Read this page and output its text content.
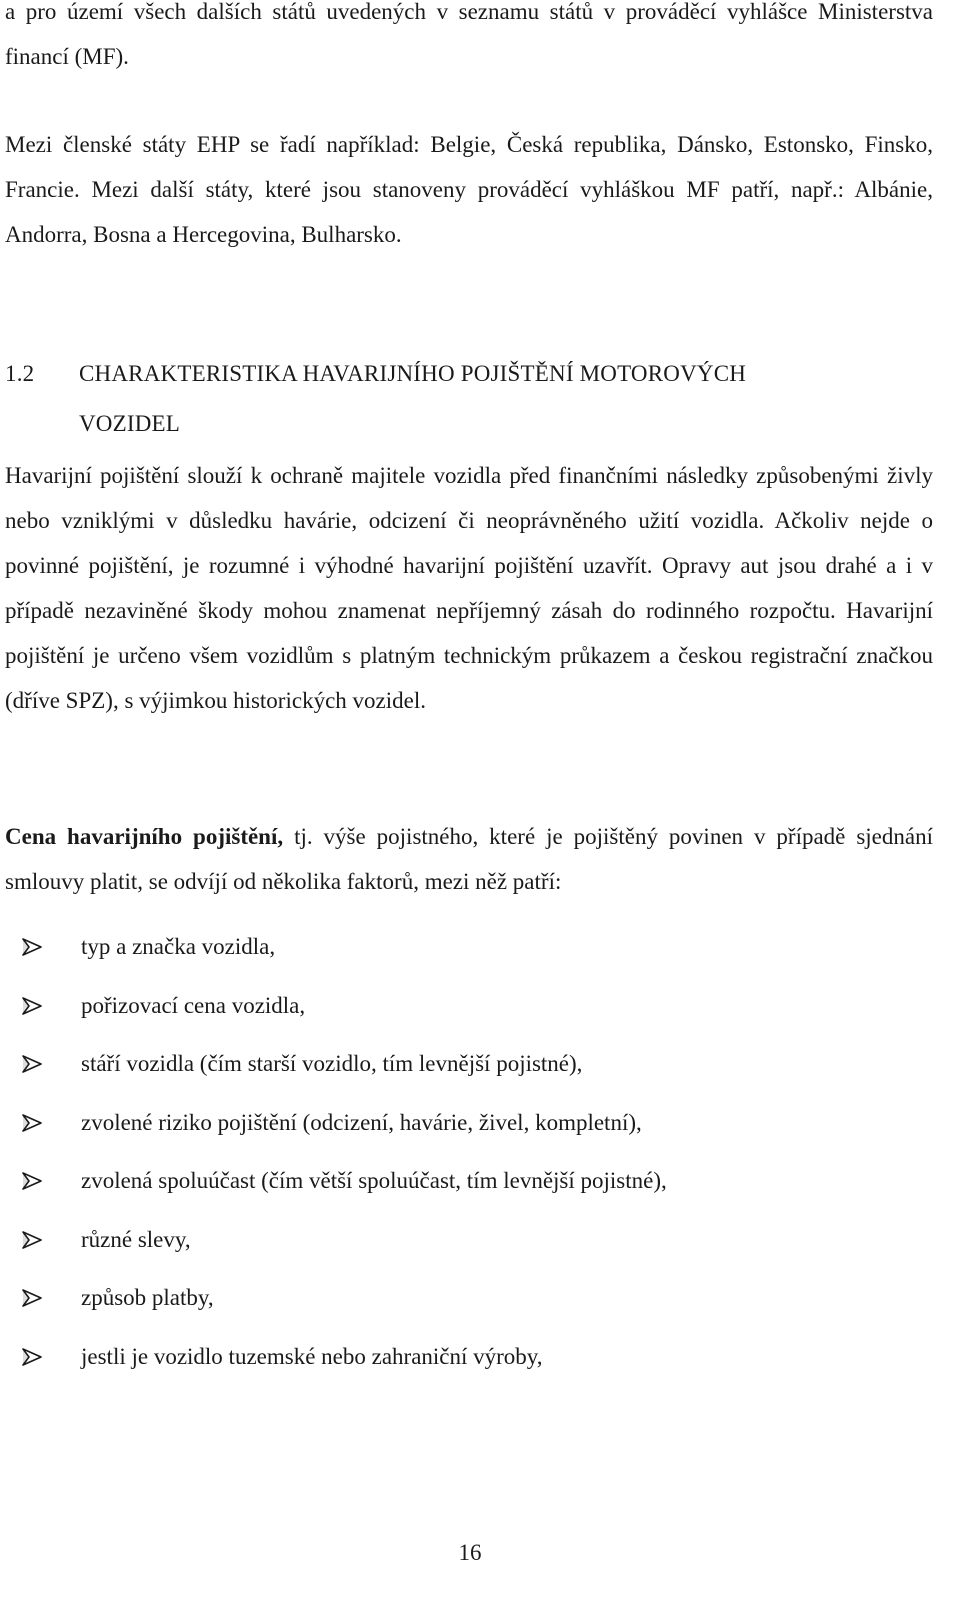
a pro území všech dalších států uvedených v seznamu států v prováděcí vyhlášce Ministerstva financí (MF).

Mezi členské státy EHP se řadí například: Belgie, Česká republika, Dánsko, Estonsko, Finsko, Francie. Mezi další státy, které jsou stanoveny prováděcí vyhláškou MF patří, např.: Albánie, Andorra, Bosna a Hercegovina, Bulharsko.

1.2 CHARAKTERISTIKA HAVARIJNÍHO POJIŠTĚNÍ MOTOROVÝCH
VOZIDEL

Havarijní pojištění slouží k ochraně majitele vozidla před finančními následky způsobenými živly nebo vzniklými v důsledku havárie, odcizení či neoprávněného užití vozidla. Ačkoliv nejde o povinné pojištění, je rozumné i výhodné havarijní pojištění uzavřít. Opravy aut jsou drahé a i v případě nezaviněné škody mohou znamenat nepříjemný zásah do rodinného rozpočtu. Havarijní pojištění je určeno všem vozidlům s platným technickým průkazem a českou registrační značkou (dříve SPZ), s výjimkou historických vozidel.

Cena havarijního pojištění, tj. výše pojistného, které je pojištěný povinen v případě sjednání smlouvy platit, se odvíjí od několika faktorů, mezi něž patří:

typ a značka vozidla,
pořizovací cena vozidla,
stáří vozidla (čím starší vozidlo, tím levnější pojistné),
zvolené riziko pojištění (odcizení, havárie, živel, kompletní),
zvolená spoluúčast (čím větší spoluúčast, tím levnější pojistné),
různé slevy,
způsob platby,
jestli je vozidlo tuzemské nebo zahraniční výroby,
16
